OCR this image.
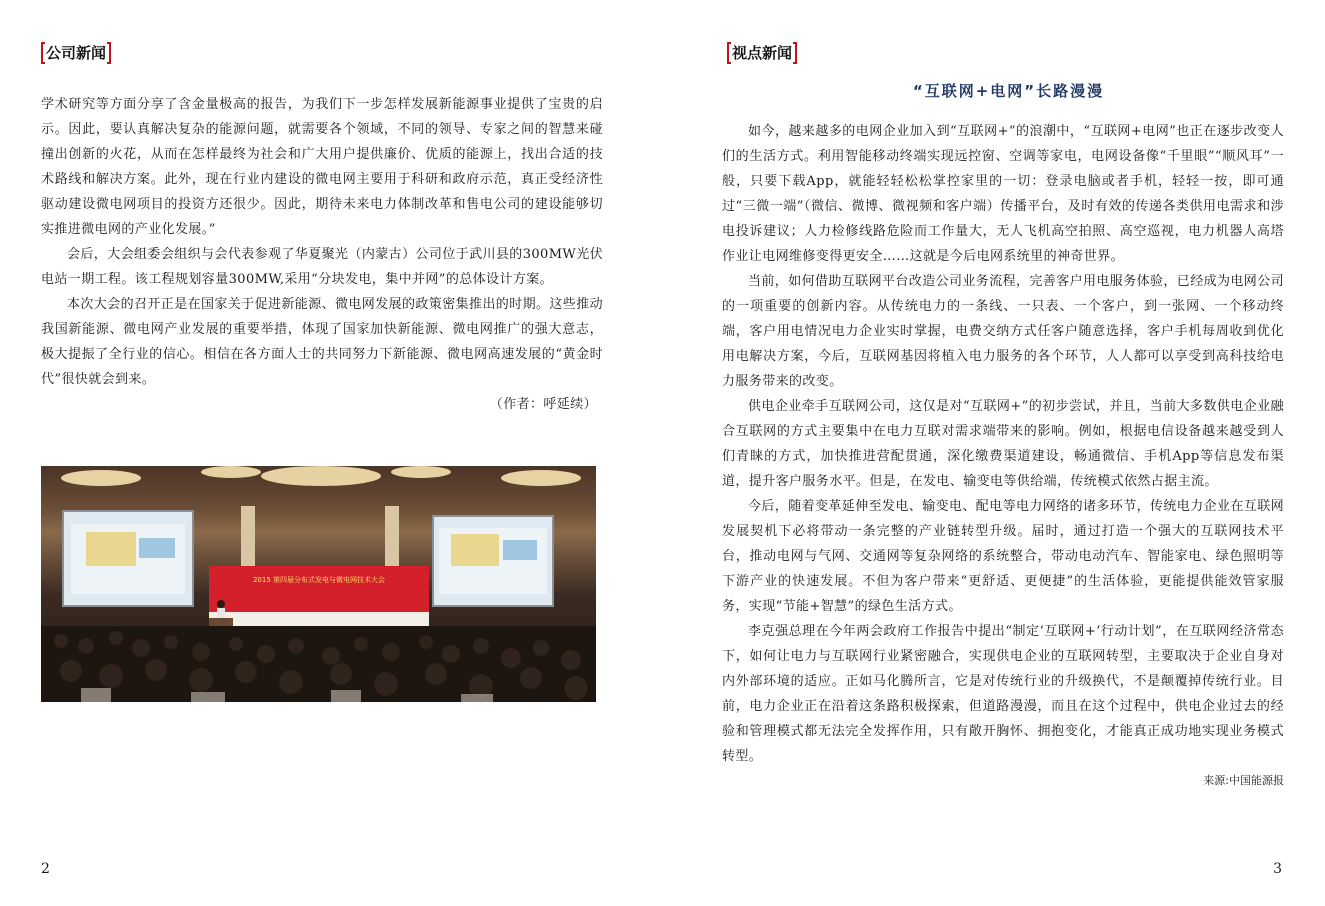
公司新闻

学术研究等方面分享了含金量极高的报告，为我们下一步怎样发展新能源事业提供了宝贵的启示。因此，要认真解决复杂的能源问题，就需要各个领域，不同的领导、专家之间的智慧来碰撞出创新的火花，从而在怎样最终为社会和广大用户提供廉价、优质的能源上，找出合适的技术路线和解决方案。此外，现在行业内建设的微电网主要用于科研和政府示范，真正受经济性驱动建设微电网项目的投资方还很少。因此，期待未来电力体制改革和售电公司的建设能够切实推进微电网的产业化发展。”

会后，大会组委会组织与会代表参观了华夏聚光（内蒙古）公司位于武川县的300MW光伏电站一期工程。该工程规划容量300MW,采用“分块发电，集中并网”的总体设计方案。

本次大会的召开正是在国家关于促进新能源、微电网发展的政策密集推出的时期。这些推动我国新能源、微电网产业发展的重要举措，体现了国家加快新能源、微电网推广的强大意志，极大提振了全行业的信心。相信在各方面人士的共同努力下新能源、微电网高速发展的“黄金时代”很快就会到来。

（作者：呼延续）

2015 第四届分布式发电与微电网技术大会
2
视点新闻
“互联网+电网”长路漫漫

如今，越来越多的电网企业加入到“互联网+”的浪潮中，“互联网+电网”也正在逐步改变人们的生活方式。利用智能移动终端实现远控窗、空调等家电，电网设备像“千里眼”“顺风耳”一般，只要下载App，就能轻轻松松掌控家里的一切：登录电脑或者手机，轻轻一按，即可通过“三微一端”（微信、微博、微视频和客户端）传播平台，及时有效的传递各类供用电需求和涉电投诉建议；人力检修线路危险而工作量大，无人飞机高空拍照、高空巡视，电力机器人高塔作业让电网维修变得更安全……这就是今后电网系统里的神奇世界。

当前，如何借助互联网平台改造公司业务流程，完善客户用电服务体验，已经成为电网公司的一项重要的创新内容。从传统电力的一条线、一只表、一个客户，到一张网、一个移动终端，客户用电情况电力企业实时掌握，电费交纳方式任客户随意选择，客户手机每周收到优化用电解决方案，今后，互联网基因将植入电力服务的各个环节，人人都可以享受到高科技给电力服务带来的改变。

供电企业牵手互联网公司，这仅是对“互联网+”的初步尝试，并且，当前大多数供电企业融合互联网的方式主要集中在电力互联对需求端带来的影响。例如，根据电信设备越来越受到人们青睐的方式，加快推进营配贯通，深化缴费渠道建设，畅通微信、手机App等信息发布渠道，提升客户服务水平。但是，在发电、输变电等供给端，传统模式依然占据主流。

今后，随着变革延伸至发电、输变电、配电等电力网络的诸多环节，传统电力企业在互联网发展契机下必将带动一条完整的产业链转型升级。届时，通过打造一个强大的互联网技术平台，推动电网与气网、交通网等复杂网络的系统整合，带动电动汽车、智能家电、绿色照明等下游产业的快速发展。不但为客户带来“更舒适、更便捷”的生活体验，更能提供能效管家服务，实现“节能+智慧”的绿色生活方式。

李克强总理在今年两会政府工作报告中提出“制定‘互联网+’行动计划”，在互联网经济常态下，如何让电力与互联网行业紧密融合，实现供电企业的互联网转型，主要取决于企业自身对内外部环境的适应。正如马化腾所言，它是对传统行业的升级换代，不是颠覆掉传统行业。目前，电力企业正在沿着这条路积极探索，但道路漫漫，而且在这个过程中，供电企业过去的经验和管理模式都无法完全发挥作用，只有敞开胸怀、拥抱变化，才能真正成功地实现业务模式转型。

来源:中国能源报
3
